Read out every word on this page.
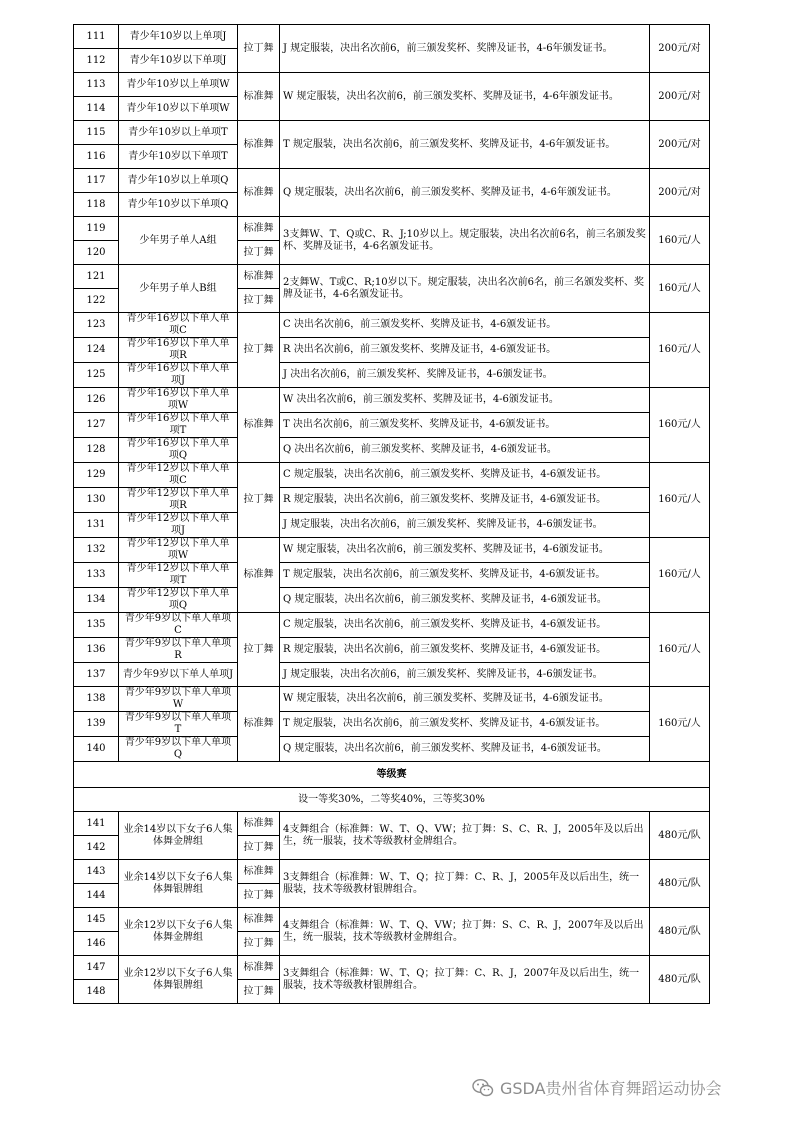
111	青少年10岁以上单项J	拉丁舞	J 规定服装，决出名次前6，前三颁发奖杯、奖牌及证书，4-6年颁发证书。	200元/对
112	青少年10岁以下单项J			
113	青少年10岁以上单项W	标准舞	W 规定服装，决出名次前6，前三颁发奖杯、奖牌及证书，4-6年颁发证书。	200元/对
114	青少年10岁以下单项W			
115	青少年10岁以上单项T	标准舞	T 规定服装，决出名次前6，前三颁发奖杯、奖牌及证书，4-6年颁发证书。	200元/对
116	青少年10岁以下单项T			
117	青少年10岁以上单项Q	标准舞	Q 规定服装，决出名次前6，前三颁发奖杯、奖牌及证书，4-6年颁发证书。	200元/对
118	青少年10岁以下单项Q			
119	少年男子单人A组	标准舞	3支舞W、T、Q或C、R、J;10岁以上。规定服装，决出名次前6名，前三名颁发奖杯、奖牌及证书，4-6名颁发证书。	160元/人
120		拉丁舞		
121	少年男子单人B组	标准舞	2支舞W、T或C、R;10岁以下。规定服装，决出名次前6名，前三名颁发奖杯、奖牌及证书，4-6名颁发证书。	160元/人
122		拉丁舞		
123	青少年16岁以下单人单项C	拉丁舞	C 决出名次前6，前三颁发奖杯、奖牌及证书，4-6颁发证书。	160元/人
124	青少年16岁以下单人单项R		R 决出名次前6，前三颁发奖杯、奖牌及证书，4-6颁发证书。	
125	青少年16岁以下单人单项J		J 决出名次前6，前三颁发奖杯、奖牌及证书，4-6颁发证书。	
126	青少年16岁以下单人单项W	标准舞	W 决出名次前6，前三颁发奖杯、奖牌及证书，4-6颁发证书。	160元/人
127	青少年16岁以下单人单项T		T 决出名次前6，前三颁发奖杯、奖牌及证书，4-6颁发证书。	
128	青少年16岁以下单人单项Q		Q 决出名次前6，前三颁发奖杯、奖牌及证书，4-6颁发证书。	
129	青少年12岁以下单人单项C	拉丁舞	C 规定服装，决出名次前6，前三颁发奖杯、奖牌及证书，4-6颁发证书。	160元/人
130	青少年12岁以下单人单项R		R 规定服装，决出名次前6，前三颁发奖杯、奖牌及证书，4-6颁发证书。	
131	青少年12岁以下单人单项J		J 规定服装，决出名次前6，前三颁发奖杯、奖牌及证书，4-6颁发证书。	
132	青少年12岁以下单人单项W	标准舞	W 规定服装，决出名次前6，前三颁发奖杯、奖牌及证书，4-6颁发证书。	160元/人
133	青少年12岁以下单人单项T		T 规定服装，决出名次前6，前三颁发奖杯、奖牌及证书，4-6颁发证书。	
134	青少年12岁以下单人单项Q		Q 规定服装，决出名次前6，前三颁发奖杯、奖牌及证书，4-6颁发证书。	
135	青少年9岁以下单人单项C	拉丁舞	C 规定服装，决出名次前6，前三颁发奖杯、奖牌及证书，4-6颁发证书。	160元/人
136	青少年9岁以下单人单项R		R 规定服装，决出名次前6，前三颁发奖杯、奖牌及证书，4-6颁发证书。	
137	青少年9岁以下单人单项J		J 规定服装，决出名次前6，前三颁发奖杯、奖牌及证书，4-6颁发证书。	
138	青少年9岁以下单人单项W	标准舞	W 规定服装，决出名次前6，前三颁发奖杯、奖牌及证书，4-6颁发证书。	160元/人
139	青少年9岁以下单人单项T		T 规定服装，决出名次前6，前三颁发奖杯、奖牌及证书，4-6颁发证书。	
140	青少年9岁以下单人单项Q		Q 规定服装，决出名次前6，前三颁发奖杯、奖牌及证书，4-6颁发证书。	
等级赛				
设一等奖30%，二等奖40%，三等奖30%				
141	业余14岁以下女子6人集体舞金牌组	标准舞	4支舞组合（标准舞：W、T、Q、VW；拉丁舞：S、C、R、J，2005年及以后出生，统一服装，技术等级教材金牌组合。	480元/队
142		拉丁舞		
143	业余14岁以下女子6人集体舞银牌组	标准舞	3支舞组合（标准舞：W、T、Q；拉丁舞：C、R、J，2005年及以后出生，统一服装，技术等级教材银牌组合。	480元/队
144		拉丁舞		
145	业余12岁以下女子6人集体舞金牌组	标准舞	4支舞组合（标准舞：W、T、Q、VW；拉丁舞：S、C、R、J，2007年及以后出生，统一服装，技术等级教材金牌组合。	480元/队
146		拉丁舞		
147	业余12岁以下女子6人集体舞银牌组	标准舞	3支舞组合（标准舞：W、T、Q；拉丁舞：C、R、J，2007年及以后出生，统一服装，技术等级教材银牌组合。	480元/队
148		拉丁舞		
GSDA贵州省体育舞蹈运动协会
